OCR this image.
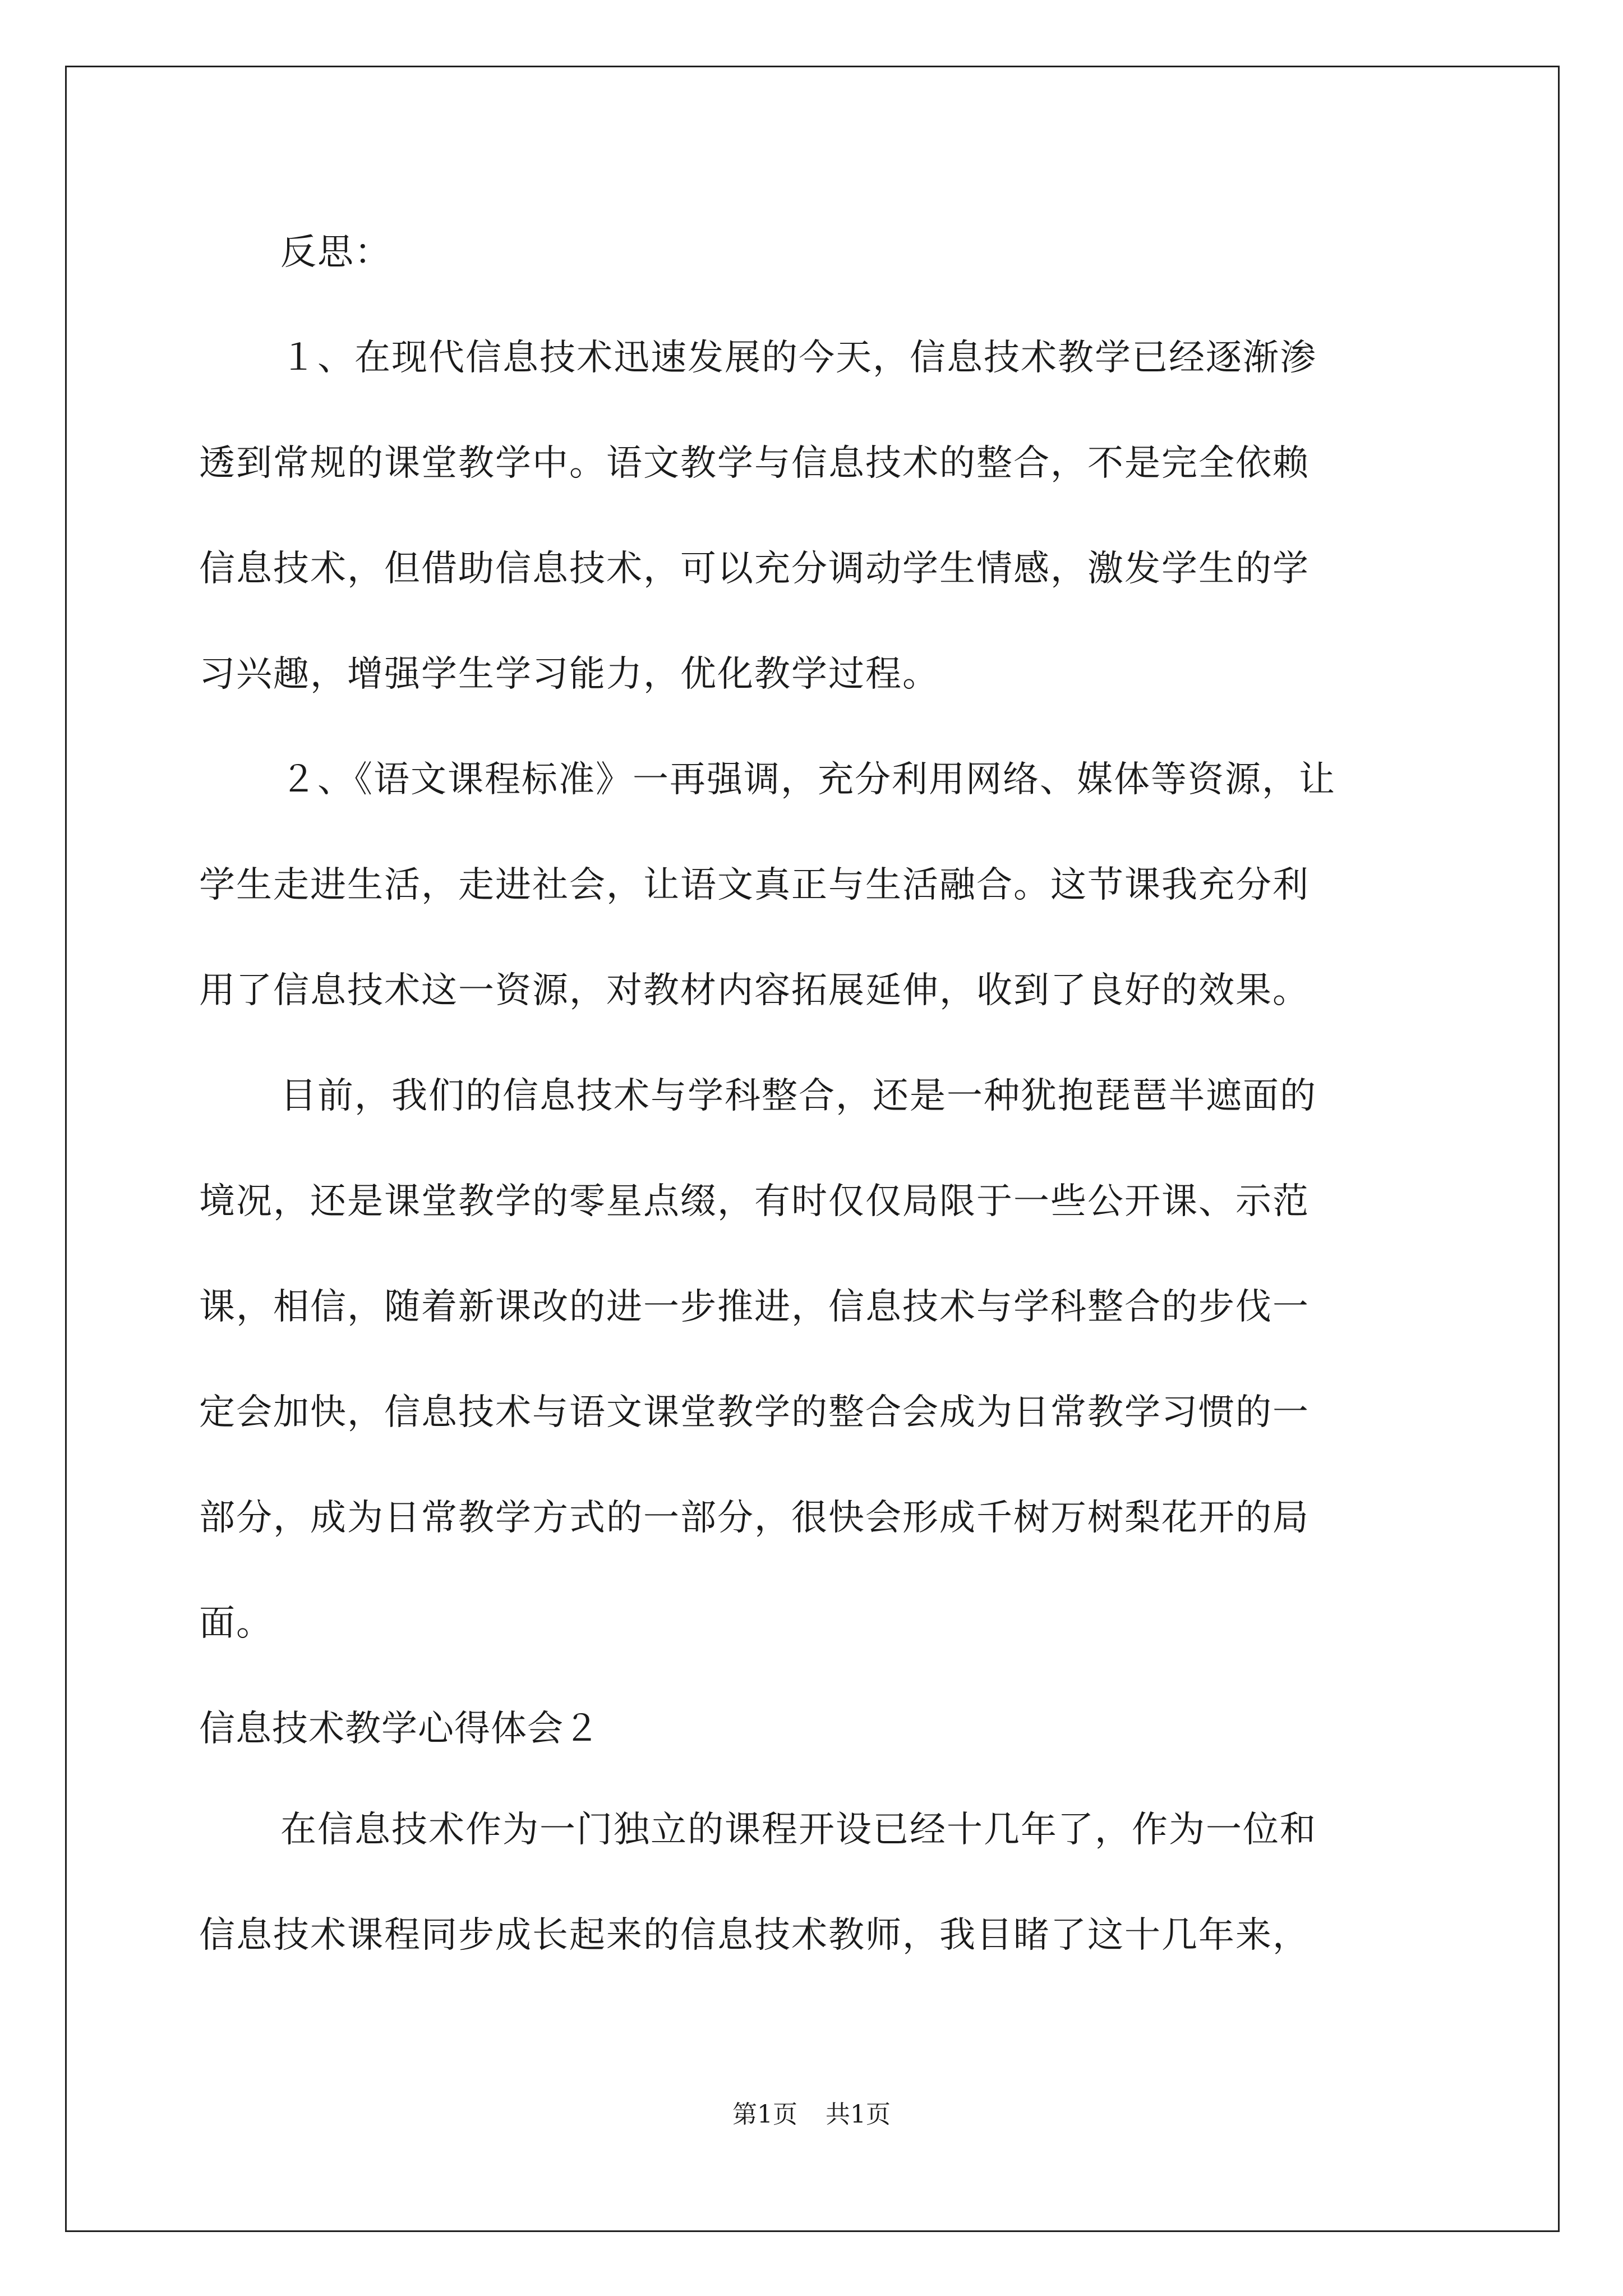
反思：
１、在现代信息技术迅速发展的今天，信息技术教学已经逐渐渗
透到常规的课堂教学中。语文教学与信息技术的整合，不是完全依赖
信息技术，但借助信息技术，可以充分调动学生情感，激发学生的学
习兴趣，增强学生学习能力，优化教学过程。
２、《语文课程标准》一再强调，充分利用网络、媒体等资源，让
学生走进生活，走进社会，让语文真正与生活融合。这节课我充分利
用了信息技术这一资源，对教材内容拓展延伸，收到了良好的效果。
目前，我们的信息技术与学科整合，还是一种犹抱琵琶半遮面的
境况，还是课堂教学的零星点缀，有时仅仅局限于一些公开课、示范
课，相信，随着新课改的进一步推进，信息技术与学科整合的步伐一
定会加快，信息技术与语文课堂教学的整合会成为日常教学习惯的一
部分，成为日常教学方式的一部分，很快会形成千树万树梨花开的局
面。
信息技术教学心得体会２
在信息技术作为一门独立的课程开设已经十几年了，作为一位和
信息技术课程同步成长起来的信息技术教师，我目睹了这十几年来，
第1页 共1页
